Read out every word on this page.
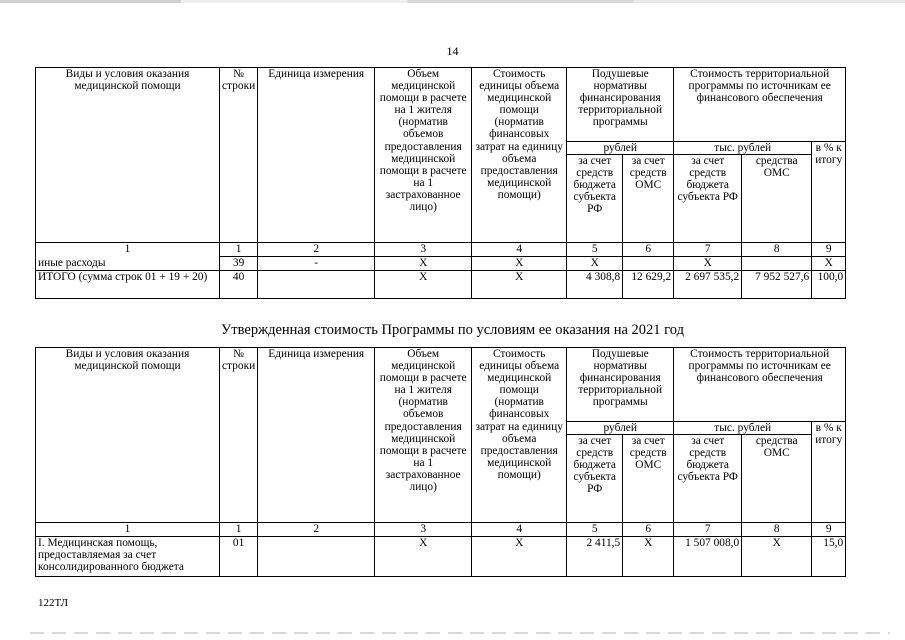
14
Виды и условия оказания медицинской помощи	№ строки	Единица измерения	Объем медицинской помощи в расчете на 1 жителя (норматив объемов предоставления медицинской помощи в расчете на 1 застрахованное лицо)	Стоимость единицы объема медицинской помощи (норматив финансовых затрат на единицу объема предоставления медицинской помощи)	Подушевые нормативы финансирования территориальной программы		Стоимость территориальной программы по источникам ее финансового обеспечения		
					рублей		тыс. рублей		в % к итогу
					за счет средств бюджета субъекта РФ	за счет средств ОМС	за счет средств бюджета субъекта РФ	средства ОМС	
1	1	2	3	4	5	6	7	8	9
иные расходы	39	-	Х	Х	Х		Х		Х
ИТОГО (сумма строк 01 + 19 + 20)	40		Х	Х	4 308,8	12 629,2	2 697 535,2	7 952 527,6	100,0
Утвержденная стоимость Программы по условиям ее оказания на 2021 год
Виды и условия оказания медицинской помощи	№ строки	Единица измерения	Объем медицинской помощи в расчете на 1 жителя (норматив объемов предоставления медицинской помощи в расчете на 1 застрахованное лицо)	Стоимость единицы объема медицинской помощи (норматив финансовых затрат на единицу объема предоставления медицинской помощи)	Подушевые нормативы финансирования территориальной программы		Стоимость территориальной программы по источникам ее финансового обеспечения		
					рублей		тыс. рублей		в % к итогу
					за счет средств бюджета субъекта РФ	за счет средств ОМС	за счет средств бюджета субъекта РФ	средства ОМС	
1	1	2	3	4	5	6	7	8	9
I. Медицинская помощь, предоставляемая за счет консолидированного бюджета	01		Х	Х	2 411,5	Х	1 507 008,0	Х	15,0
122ТЛ
